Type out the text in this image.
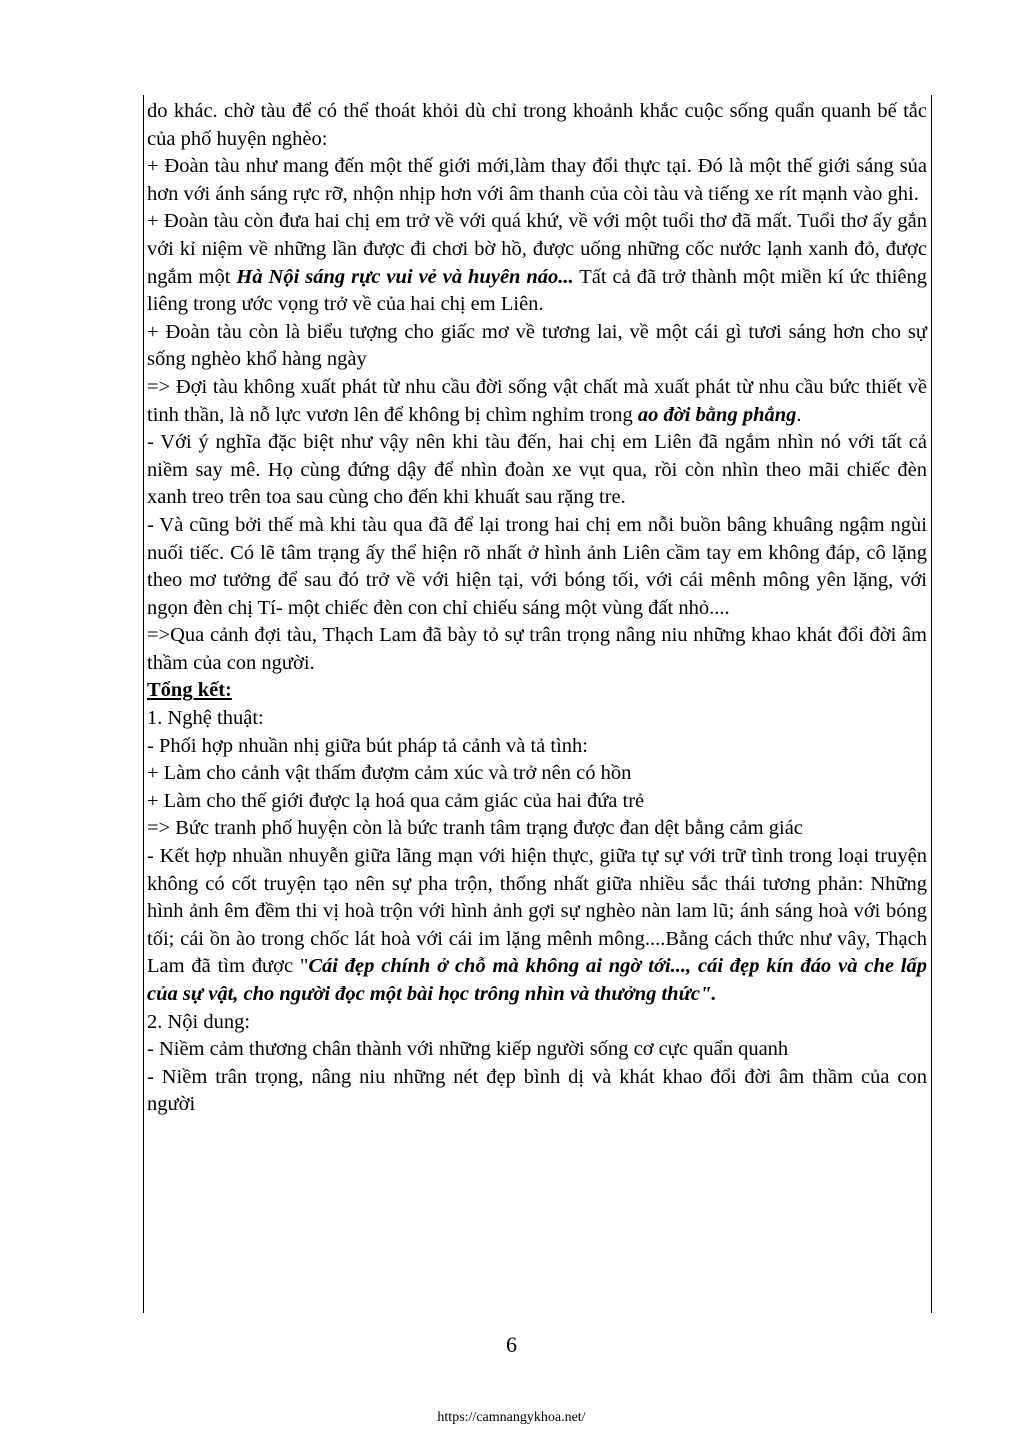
do khác. chờ tàu để có thể thoát khỏi dù chỉ trong khoảnh khắc cuộc sống quẩn quanh bế tắc của phố huyện nghèo:

+ Đoàn tàu như mang đến một thế giới mới,làm thay đổi thực tại. Đó là một thế giới sáng sủa hơn với ánh sáng rực rỡ, nhộn nhịp hơn với âm thanh của còi tàu và tiếng xe rít mạnh vào ghi.

+ Đoàn tàu còn đưa hai chị em trở về với quá khứ, về với một tuổi thơ đã mất. Tuổi thơ ấy gắn với kỉ niệm về những lần được đi chơi bờ hồ, được uống những cốc nước lạnh xanh đỏ, được ngắm một Hà Nội sáng rực vui vẻ và huyên náo... Tất cả đã trở thành một miền kí ức thiêng liêng trong ước vọng trở về của hai chị em Liên.

+ Đoàn tàu còn là biểu tượng cho giấc mơ về tương lai, về một cái gì tươi sáng hơn cho sự sống nghèo khổ hàng ngày

=> Đợi tàu không xuất phát từ nhu cầu đời sống vật chất mà xuất phát từ nhu cầu bức thiết về tinh thần, là nỗ lực vươn lên để không bị chìm nghỉm trong ao đời bằng phẳng.

- Với ý nghĩa đặc biệt như vậy nên khi tàu đến, hai chị em Liên đã ngắm nhìn nó với tất cả niềm say mê. Họ cùng đứng dậy để nhìn đoàn xe vụt qua, rồi còn nhìn theo mãi chiếc đèn xanh treo trên toa sau cùng cho đến khi khuất sau rặng tre.

- Và cũng bởi thế mà khi tàu qua đã để lại trong hai chị em nỗi buồn bâng khuâng ngậm ngùi nuối tiếc. Có lẽ tâm trạng ấy thể hiện rõ nhất ở hình ảnh Liên cầm tay em không đáp, cô lặng theo mơ tưởng để sau đó trở về với hiện tại, với bóng tối, với cái mênh mông yên lặng, với ngọn đèn chị Tí- một chiếc đèn con chỉ chiếu sáng một vùng đất nhỏ....

=>Qua cảnh đợi tàu, Thạch Lam đã bày tỏ sự trân trọng nâng niu những khao khát đổi đời âm thầm của con người.

Tổng kết:

1. Nghệ thuật:

- Phối hợp nhuần nhị giữa bút pháp tả cảnh và tả tình:

+ Làm cho cảnh vật thấm đượm cảm xúc và trở nên có hồn

+ Làm cho thế giới được lạ hoá qua cảm giác của hai đứa trẻ

=> Bức tranh phố huyện còn là bức tranh tâm trạng được đan dệt bằng cảm giác

- Kết hợp nhuần nhuyễn giữa lãng mạn với hiện thực, giữa tự sự với trữ tình trong loại truyện không có cốt truyện tạo nên sự pha trộn, thống nhất giữa nhiều sắc thái tương phản: Những hình ảnh êm đềm thi vị hoà trộn với hình ảnh gợi sự nghèo nàn lam lũ; ánh sáng hoà với bóng tối; cái ồn ào trong chốc lát hoà với cái im lặng mênh mông....Bằng cách thức như vây, Thạch Lam đã tìm được "Cái đẹp chính ở chỗ mà không ai ngờ tới..., cái đẹp kín đáo và che lấp của sự vật, cho người đọc một bài học trông nhìn và thưởng thức".

2. Nội dung:

- Niềm cảm thương chân thành với những kiếp người sống cơ cực quẩn quanh

- Niềm trân trọng, nâng niu những nét đẹp bình dị và khát khao đổi đời âm thầm của con người

6
https://camnangykhoa.net/
